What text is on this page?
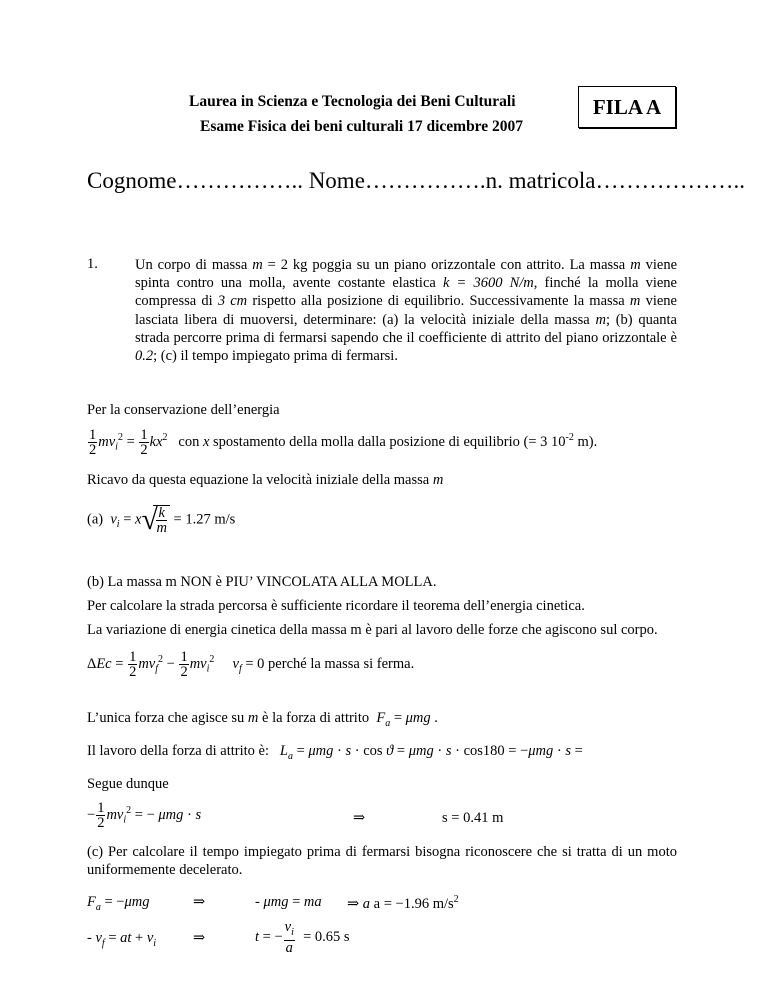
Laurea in Scienza e Tecnologia dei Beni Culturali
Esame Fisica dei beni culturali 17 dicembre 2007
FILA A
Cognome…………….. Nome…………….n. matricola………………..
1.	Un corpo di massa m = 2 kg poggia su un piano orizzontale con attrito. La massa m viene spinta contro una molla, avente costante elastica k = 3600 N/m, finché la molla viene compressa di 3 cm rispetto alla posizione di equilibrio. Successivamente la massa m viene lasciata libera di muoversi, determinare: (a) la velocità iniziale della massa m; (b) quanta strada percorre prima di fermarsi sapendo che il coefficiente di attrito del piano orizzontale è 0.2; (c) il tempo impiegato prima di fermarsi.
Per la conservazione dell’energia
$\frac{1}{2} mv_i^2 = \frac{1}{2} kx^2$ con x spostamento della molla dalla posizione di equilibrio (= 3 $10^{-2}$ m).
Ricavo da questa equazione la velocità iniziale della massa m
(a) $v_i = x$ √
$\frac{k}{m} = 1.27$ m/s
(b) La massa m NON è PIU’ VINCOLATA ALLA MOLLA.
Per calcolare la strada percorsa è sufficiente ricordare il teorema dell’energia cinetica.
La variazione di energia cinetica della massa m è pari al lavoro delle forze che agiscono sul corpo.
$\Delta Ec = \frac{1}{2} mv_f^2 - \frac{1}{2} mv_i^2$ $v_f = 0$ perché la massa si ferma.
L’unica forza che agisce su m è la forza di attrito $F_a = \mu mg$ .
Il lavoro della forza di attrito è: $L_a = \mu mg \cdot s \cdot \cos ϑ = \mu mg \cdot s \cdot \cos 180 = -\mu mg \cdot s$ =
Segue dunque
− $\frac{1}{2} mv_i^2$ = − μmg · s	⇒	s = 0.41 m
(c) Per calcolare il tempo impiegato prima di fermarsi bisogna riconoscere che si tratta di un moto uniformemente decelerato.
$F_a = -\mu mg$	⇒	- μmg = ma ⇒ a a = −1.96 $m/s^2$
- $v_f$ = at + $v_i$	⇒	t = − $\frac{v_i}{a} = 0.65$ s
